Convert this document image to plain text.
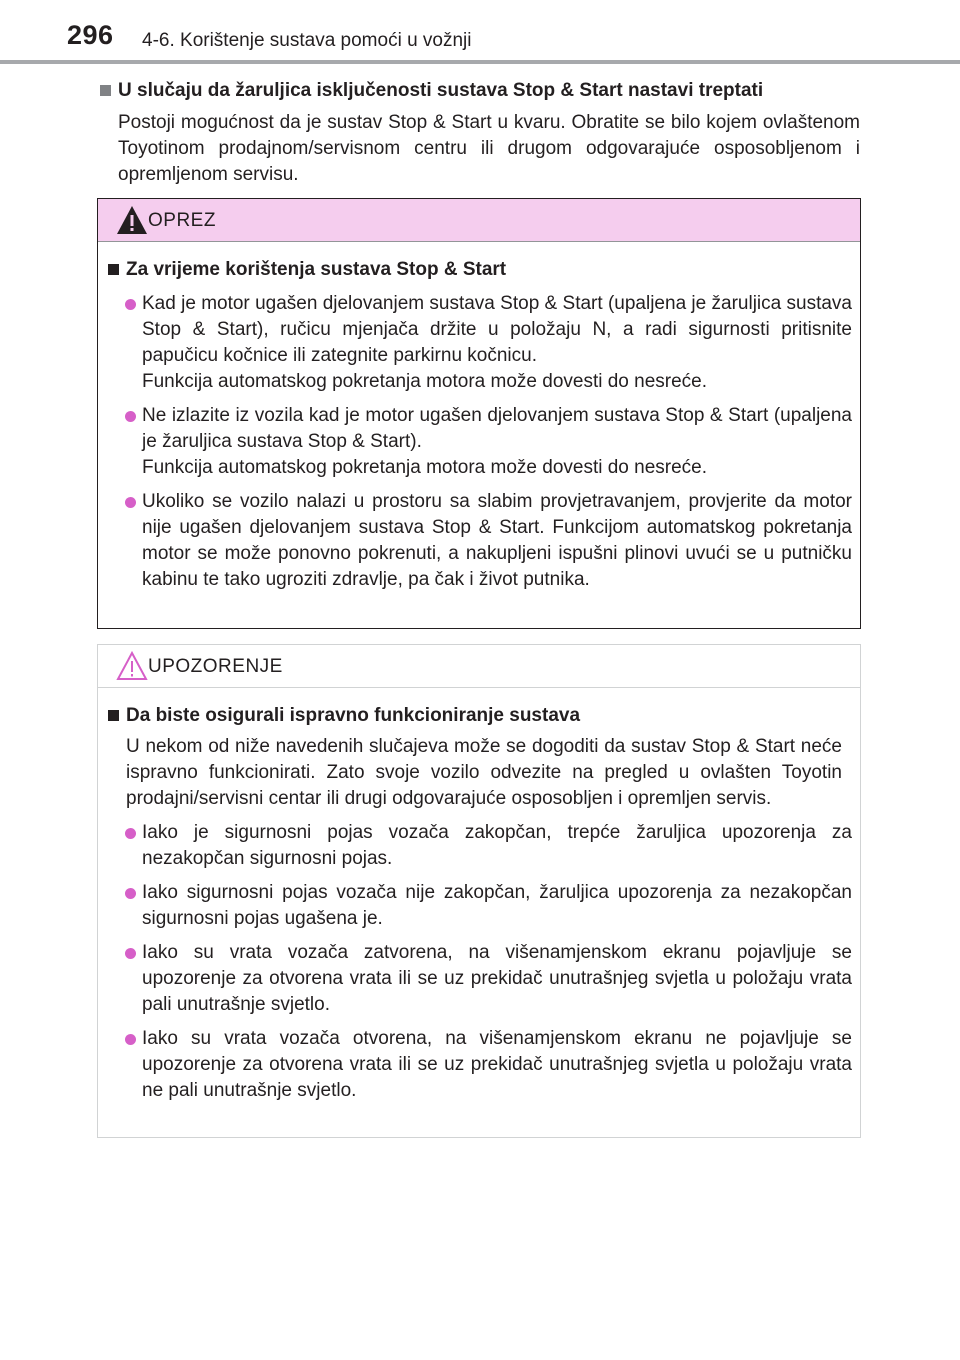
296 4-6. Korištenje sustava pomoći u vožnji
U slučaju da žaruljica isključenosti sustava Stop & Start nastavi treptati
Postoji mogućnost da je sustav Stop & Start u kvaru. Obratite se bilo kojem ovlaštenom Toyotinom prodajnom/servisnom centru ili drugom odgovarajuće osposobljenom i opremljenom servisu.
OPREZ
Za vrijeme korištenja sustava Stop & Start
Kad je motor ugašen djelovanjem sustava Stop & Start (upaljena je žaruljica sustava Stop & Start), ručicu mjenjača držite u položaju N, a radi sigurnosti pritisnite papučicu kočnice ili zategnite parkirnu kočnicu.
Funkcija automatskog pokretanja motora može dovesti do nesreće.
Ne izlazite iz vozila kad je motor ugašen djelovanjem sustava Stop & Start (upaljena je žaruljica sustava Stop & Start).
Funkcija automatskog pokretanja motora može dovesti do nesreće.
Ukoliko se vozilo nalazi u prostoru sa slabim provjetravanjem, provjerite da motor nije ugašen djelovanjem sustava Stop & Start. Funkcijom automatskog pokretanja motor se može ponovno pokrenuti, a nakupljeni ispušni plinovi uvući se u putničku kabinu te tako ugroziti zdravlje, pa čak i život putnika.
UPOZORENJE
Da biste osigurali ispravno funkcioniranje sustava
U nekom od niže navedenih slučajeva može se dogoditi da sustav Stop & Start neće ispravno funkcionirati. Zato svoje vozilo odvezite na pregled u ovlašten Toyotin prodajni/servisni centar ili drugi odgovarajuće osposobljen i opremljen servis.
Iako je sigurnosni pojas vozača zakopčan, trepće žaruljica upozorenja za nezakopčan sigurnosni pojas.
Iako sigurnosni pojas vozača nije zakopčan, žaruljica upozorenja za nezakopčan sigurnosni pojas ugašena je.
Iako su vrata vozača zatvorena, na višenamjenskom ekranu pojavljuje se upozorenje za otvorena vrata ili se uz prekidač unutrašnjeg svjetla u položaju vrata pali unutrašnje svjetlo.
Iako su vrata vozača otvorena, na višenamjenskom ekranu ne pojavljuje se upozorenje za otvorena vrata ili se uz prekidač unutrašnjeg svjetla u položaju vrata ne pali unutrašnje svjetlo.
